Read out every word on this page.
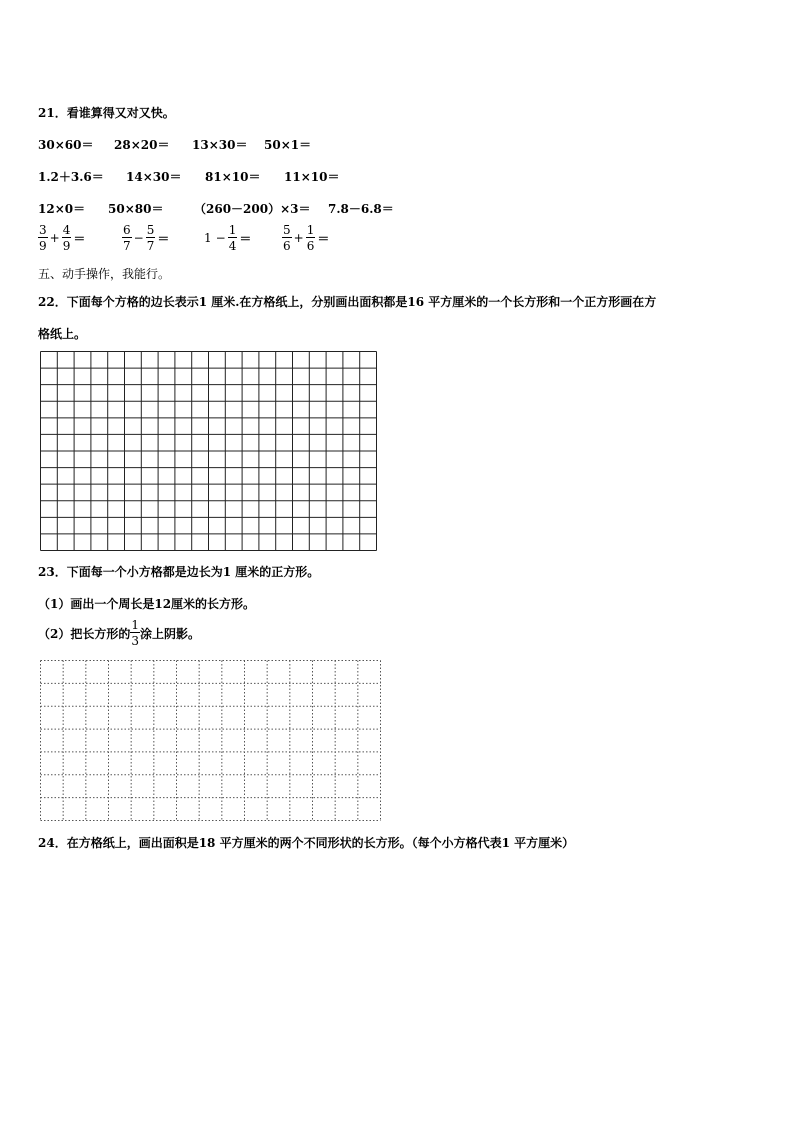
21．看谁算得又对又快。
30×60＝ 28×20＝ 13×30＝ 50×1＝
1.2＋3.6＝ 14×30＝ 81×10＝ 11×10＝
12×0＝ 50×80＝	（260－200）×3＝ 7.8－6.8＝
$\frac{3}{9} + \frac{4}{9}$ ＝	$\frac{6}{7} - \frac{5}{7}$ ＝	$1 - \frac{1}{4}$ ＝	$\frac{5}{6} + \frac{1}{6}$ ＝
五、动手操作，我能行。
22．下面每个方格的边长表示1 厘米.在方格纸上，分别画出面积都是16 平方厘米的一个长方形和一个正方形画在方
格纸上。
23．下面每一个小方格都是边长为1 厘米的正方形。
（1）画出一个周长是12厘米的长方形。
（2）把长方形的 $\frac{1}{3}$ 涂上阴影。
24．在方格纸上，画出面积是18 平方厘米的两个不同形状的长方形。（每个小方格代表1 平方厘米）
